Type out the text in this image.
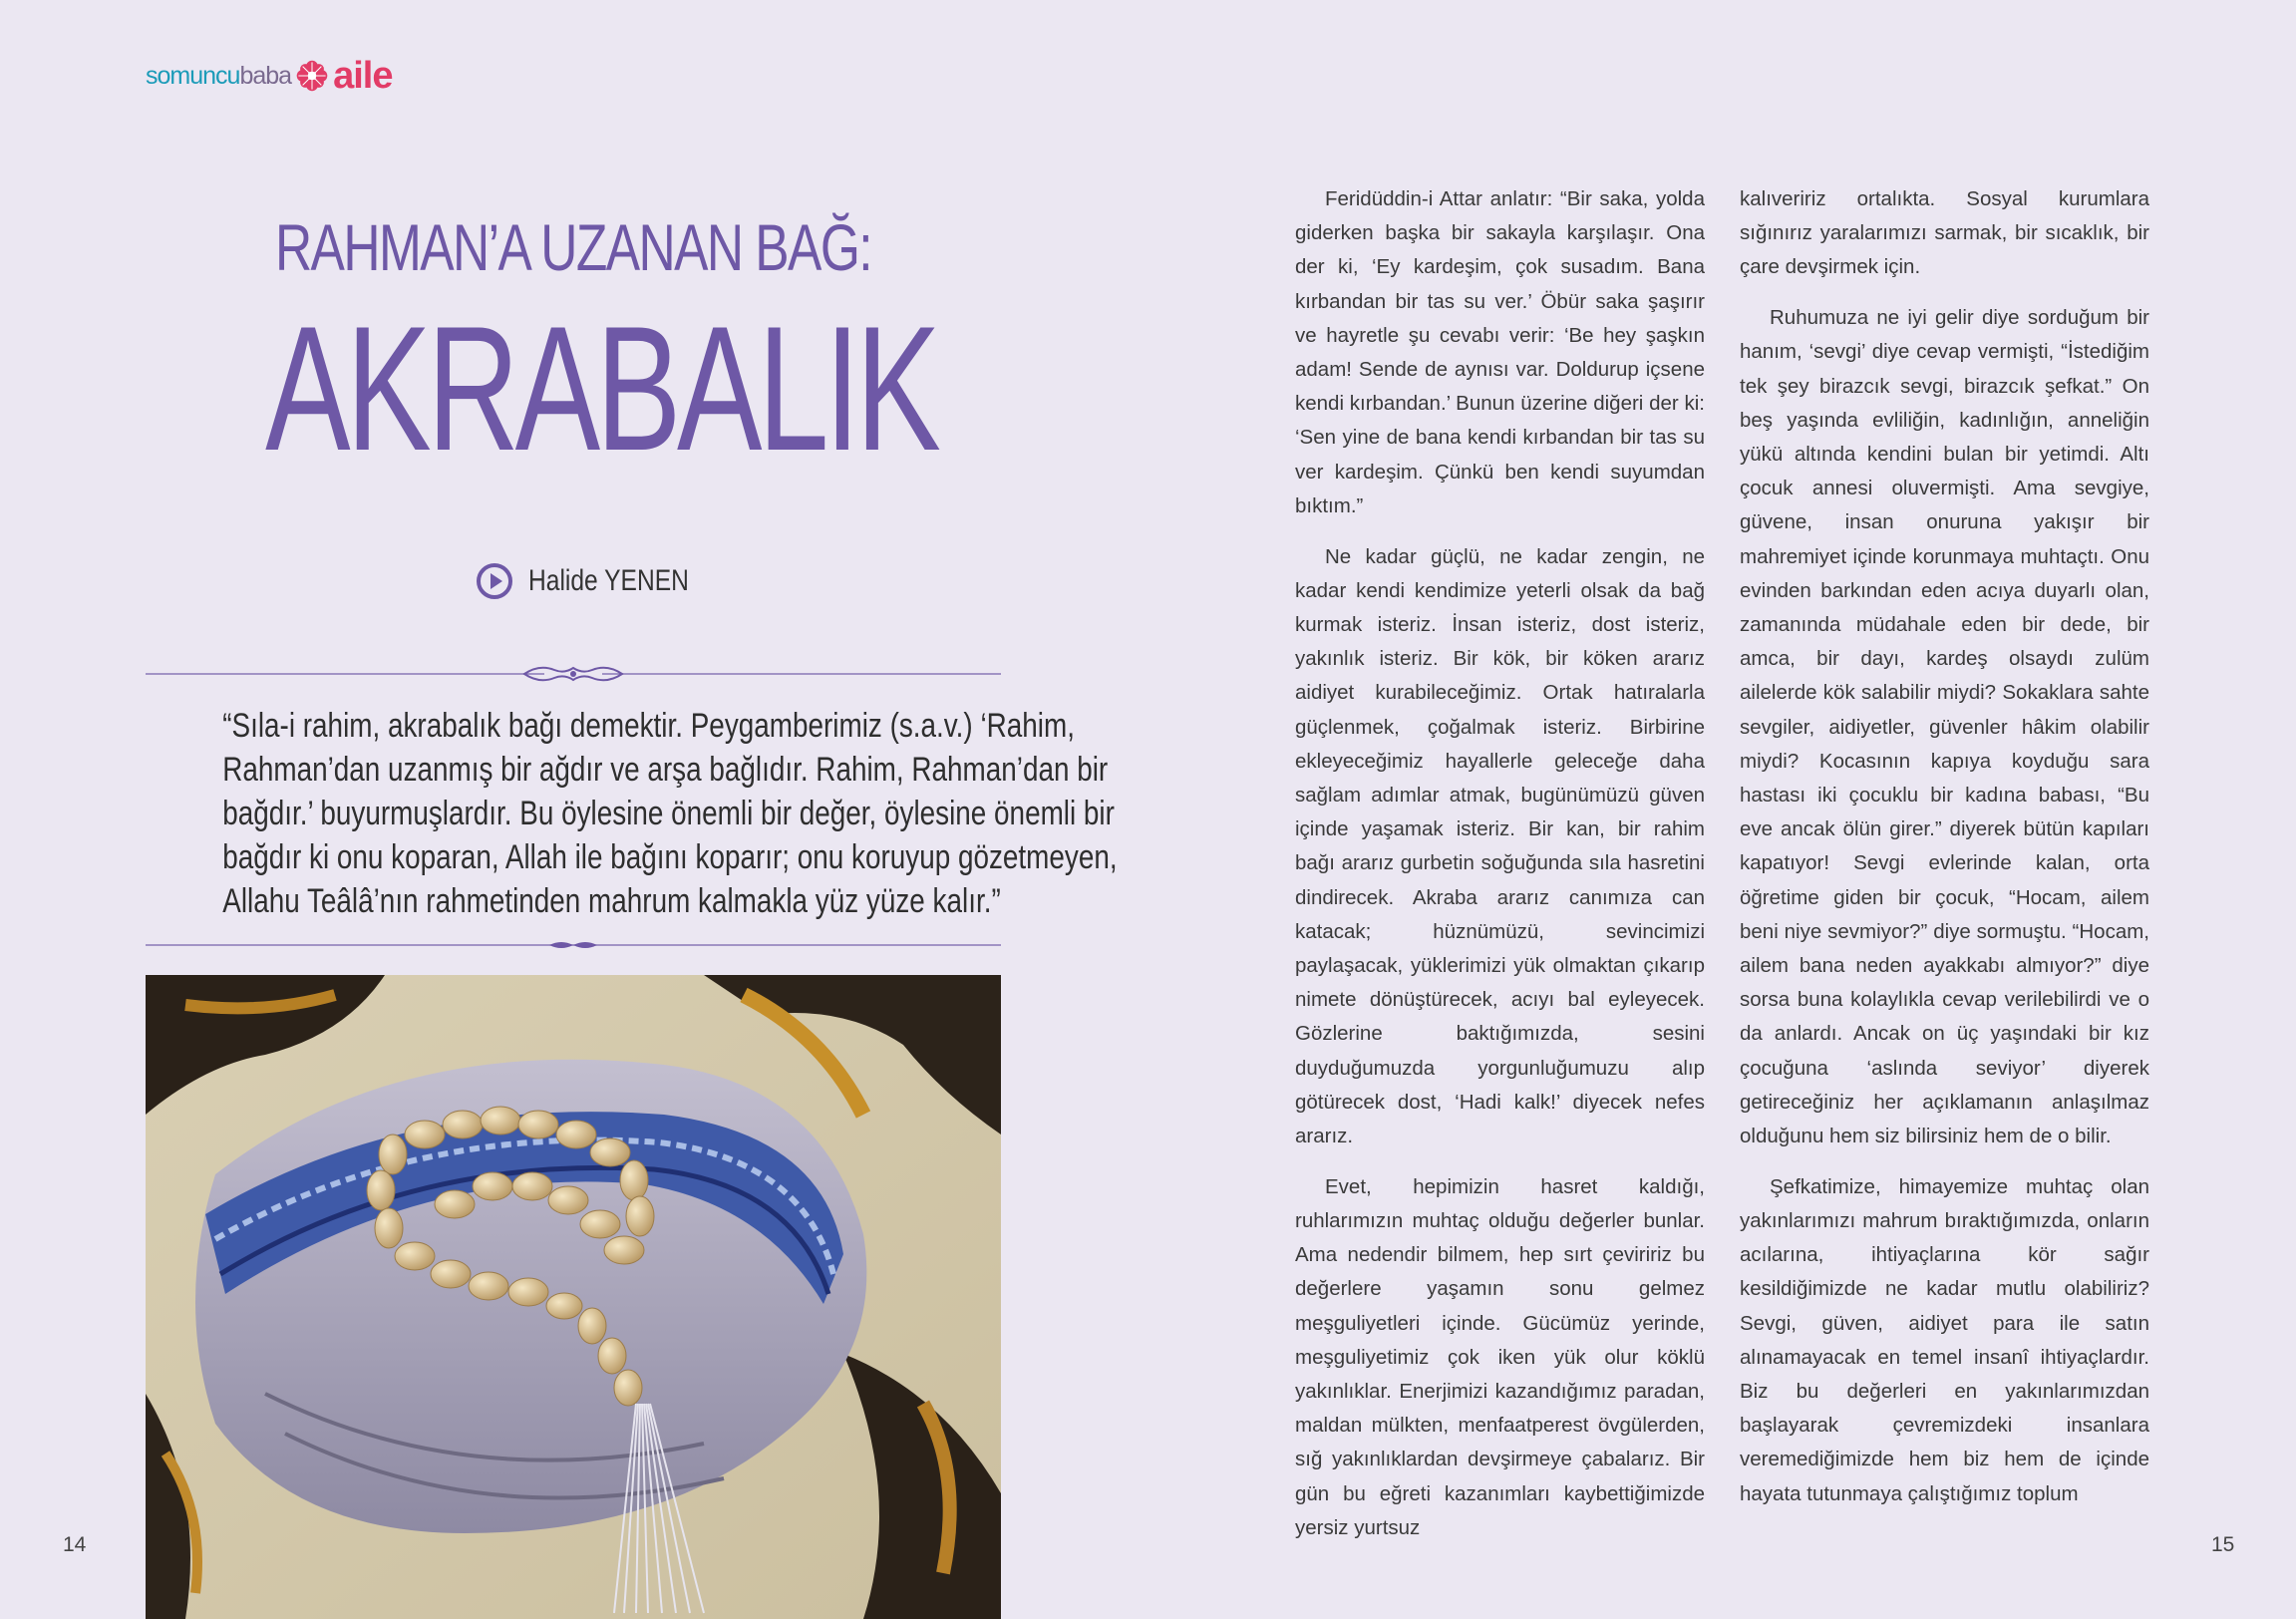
somuncu baba aile
RAHMAN’A UZANAN BAĞ:
AKRABALIK
Halide YENEN
“Sıla-i rahim, akrabalık bağı demektir. Peygamberimiz (s.a.v.) ‘Rahim,
Rahman’dan uzanmış bir ağdır ve arşa bağlıdır. Rahim, Rahman’dan bir
bağdır.’ buyurmuşlardır. Bu öylesine önemli bir değer, öylesine önemli bir
bağdır ki onu koparan, Allah ile bağını koparır; onu koruyup gözetmeyen,
Allahu Teâlâ’nın rahmetinden mahrum kalmakla yüz yüze kalır.”

Feridüddin-i Attar anlatır: “Bir saka, yolda giderken başka bir sakayla karşılaşır. Ona der ki, ‘Ey kardeşim, çok susadım. Bana kırbandan bir tas su ver.’ Öbür saka şaşırır ve hayretle şu cevabı verir: ‘Be hey şaşkın adam! Sende de aynısı var. Doldurup içsene kendi kırbandan.’ Bunun üzerine diğeri der ki: ‘Sen yine de bana kendi kırbandan bir tas su ver kardeşim. Çünkü ben kendi suyumdan bıktım.”

Ne kadar güçlü, ne kadar zengin, ne kadar kendi kendimize yeterli olsak da bağ kurmak isteriz. İnsan isteriz, dost isteriz, yakınlık isteriz. Bir kök, bir köken ararız aidiyet kurabileceğimiz. Ortak hatıralarla güçlenmek, çoğalmak isteriz. Birbirine ekleyeceğimiz hayallerle geleceğe daha sağlam adımlar atmak, bugünümüzü güven içinde yaşamak isteriz. Bir kan, bir rahim bağı ararız gurbetin soğuğunda sıla hasretini dindirecek. Akraba ararız canımıza can katacak; hüznümüzü, sevincimizi paylaşacak, yüklerimizi yük olmaktan çıkarıp nimete dönüştürecek, acıyı bal eyleyecek. Gözlerine baktığımızda, sesini duyduğumuzda yorgunluğumuzu alıp götürecek dost, ‘Hadi kalk!’ diyecek nefes ararız.

Evet, hepimizin hasret kaldığı, ruhlarımızın muhtaç olduğu değerler bunlar. Ama nedendir bilmem, hep sırt çeviririz bu değerlere yaşamın sonu gelmez meşguliyetleri içinde. Gücümüz yerinde, meşguliyetimiz çok iken yük olur köklü yakınlıklar. Enerjimizi kazandığımız paradan, maldan mülkten, menfaatperest övgülerden, sığ yakınlıklardan devşirmeye çabalarız. Bir gün bu eğreti kazanımları kaybettiğimizde yersiz yurtsuz

kalıveririz ortalıkta. Sosyal kurumlara sığınırız yaralarımızı sarmak, bir sıcaklık, bir çare devşirmek için.

Ruhumuza ne iyi gelir diye sorduğum bir hanım, ‘sevgi’ diye cevap vermişti, “İstediğim tek şey birazcık sevgi, birazcık şefkat.” On beş yaşında evliliğin, kadınlığın, anneliğin yükü altında kendini bulan bir yetimdi. Altı çocuk annesi oluvermişti. Ama sevgiye, güvene, insan onuruna yakışır bir mahremiyet içinde korunmaya muhtaçtı. Onu evinden barkından eden acıya duyarlı olan, zamanında müdahale eden bir dede, bir amca, bir dayı, kardeş olsaydı zulüm ailelerde kök salabilir miydi? Sokaklara sahte sevgiler, aidiyetler, güvenler hâkim olabilir miydi? Kocasının kapıya koyduğu sara hastası iki çocuklu bir kadına babası, “Bu eve ancak ölün girer.” diyerek bütün kapıları kapatıyor! Sevgi evlerinde kalan, orta öğretime giden bir çocuk, “Hocam, ailem beni niye sevmiyor?” diye sormuştu. “Hocam, ailem bana neden ayakkabı almıyor?” diye sorsa buna kolaylıkla cevap verilebilirdi ve o da anlardı. Ancak on üç yaşındaki bir kız çocuğuna ‘aslında seviyor’ diyerek getireceğiniz her açıklamanın anlaşılmaz olduğunu hem siz bilirsiniz hem de o bilir.

Şefkatimize, himayemize muhtaç olan yakınlarımızı mahrum bıraktığımızda, onların acılarına, ihtiyaçlarına kör sağır kesildiğimizde ne kadar mutlu olabiliriz? Sevgi, güven, aidiyet para ile satın alınamayacak en temel insanî ihtiyaçlardır. Biz bu değerleri en yakınlarımızdan başlayarak çevremizdeki insanlara veremediğimizde hem biz hem de içinde hayata tutunmaya çalıştığımız toplum

14	15
